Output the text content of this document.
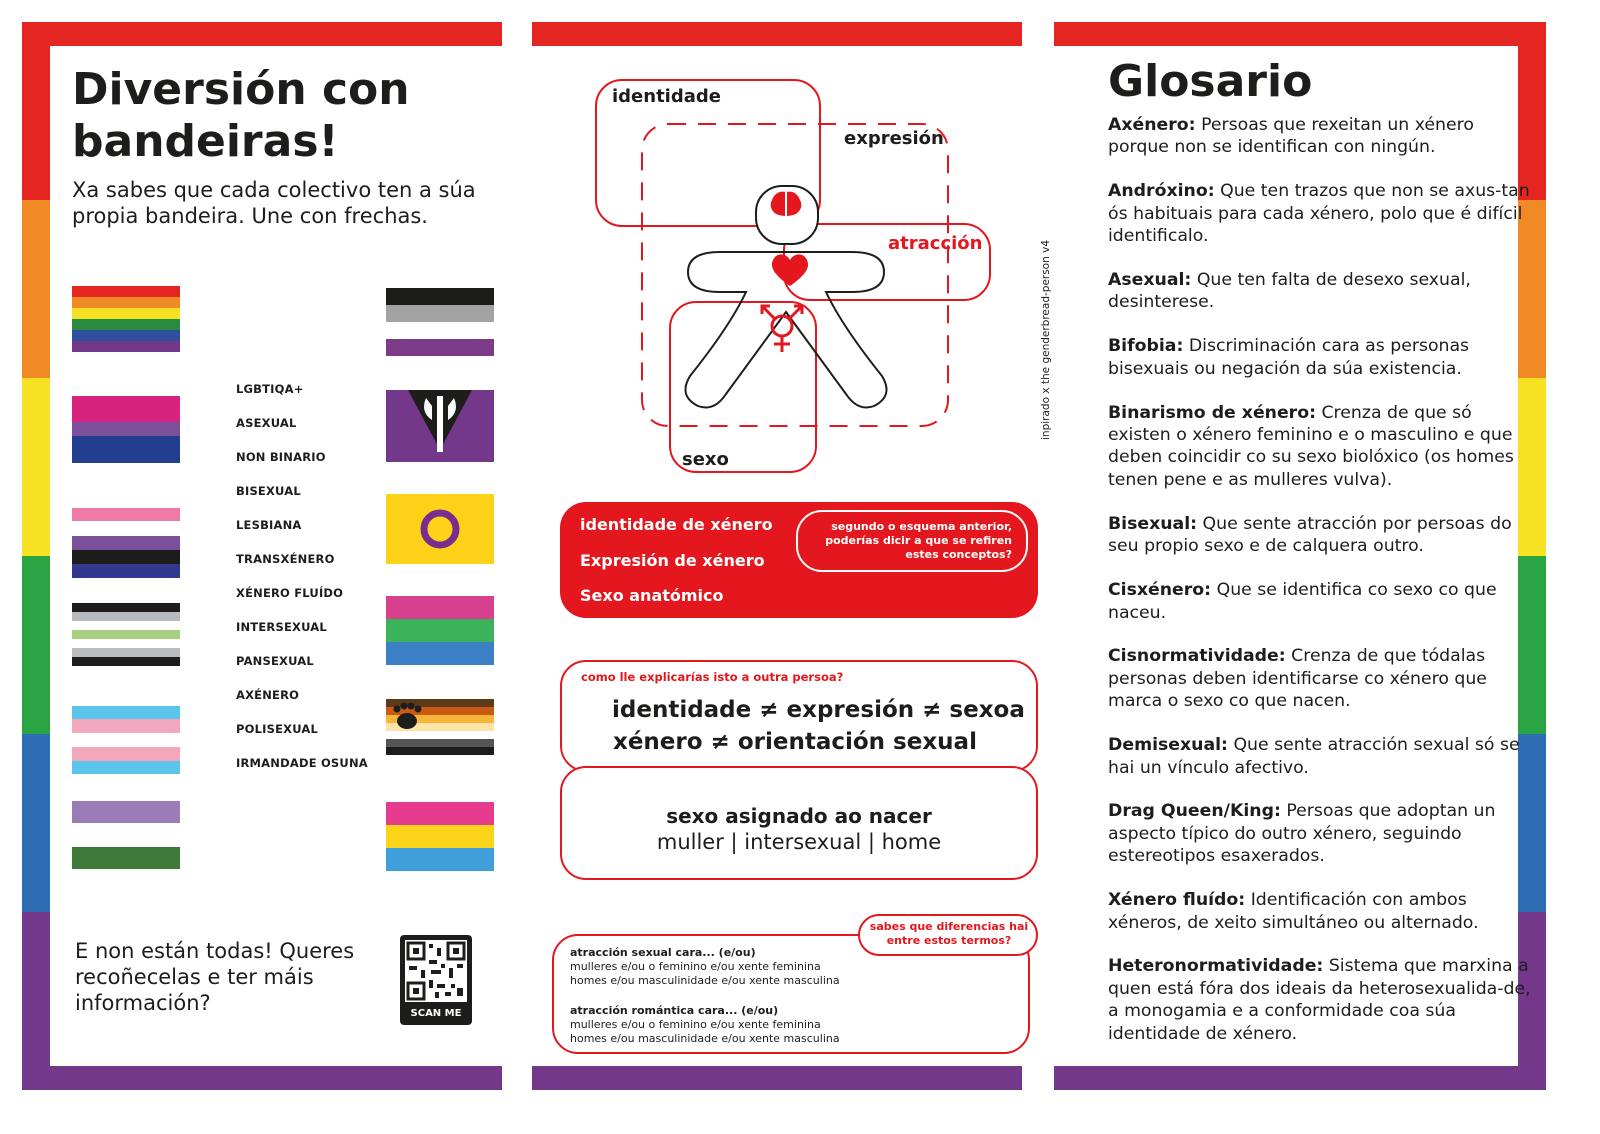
Diversión con bandeiras!
Xa sabes que cada colectivo ten a súa propia bandeira. Une con frechas.
LGBTIQA+
ASEXUAL
NON BINARIO
BISEXUAL
LESBIANA
TRANSXÉNERO
XÉNERO FLUÍDO
INTERSEXUAL
PANSEXUAL
AXÉNERO
POLISEXUAL
IRMANDADE OSUNA
E non están todas! Queres recoñecelas e ter máis información?	SCAN ME
identidade
expresión
atracción
sexo
inpirado x the genderbread-person v4
identidade de xénero
Expresión de xénero
Sexo anatómico
segundo o esquema anterior, poderías dicir a que se refiren estes conceptos?
como lle explicarías isto a outra persoa?
identidade ≠ expresión ≠ sexoa
xénero ≠ orientación sexual
sexo asignado ao nacer
muller | intersexual | home
sabes que diferencias hai entre estos termos?
atracción sexual cara... (e/ou)
mulleres e/ou o feminino e/ou xente feminina
homes e/ou masculinidade e/ou xente masculina
atracción romántica cara... (e/ou)
mulleres e/ou o feminino e/ou xente feminina
homes e/ou masculinidade e/ou xente masculina
Glosario

Axénero: Persoas que rexeitan un xénero porque non se identifican con ningún.

Andróxino: Que ten trazos que non se axus-tan ós habituais para cada xénero, polo que é difícil identificalo.

Asexual: Que ten falta de desexo sexual, desinterese.

Bifobia: Discriminación cara as personas bisexuais ou negación da súa existencia.

Binarismo de xénero: Crenza de que só existen o xénero feminino e o masculino e que deben coincidir co su sexo biolóxico (os homes tenen pene e as mulleres vulva).

Bisexual: Que sente atracción por persoas do seu propio sexo e de calquera outro.

Cisxénero: Que se identifica co sexo co que naceu.

Cisnormatividade: Crenza de que tódalas personas deben identificarse co xénero que marca o sexo co que nacen.

Demisexual: Que sente atracción sexual só se hai un vínculo afectivo.

Drag Queen/King: Persoas que adoptan un aspecto típico do outro xénero, seguindo estereotipos esaxerados.

Xénero fluído: Identificación con ambos xéneros, de xeito simultáneo ou alternado.

Heteronormatividade: Sistema que marxina a quen está fóra dos ideais da heterosexualida-de, a monogamia e a conformidade coa súa identidade de xénero.
